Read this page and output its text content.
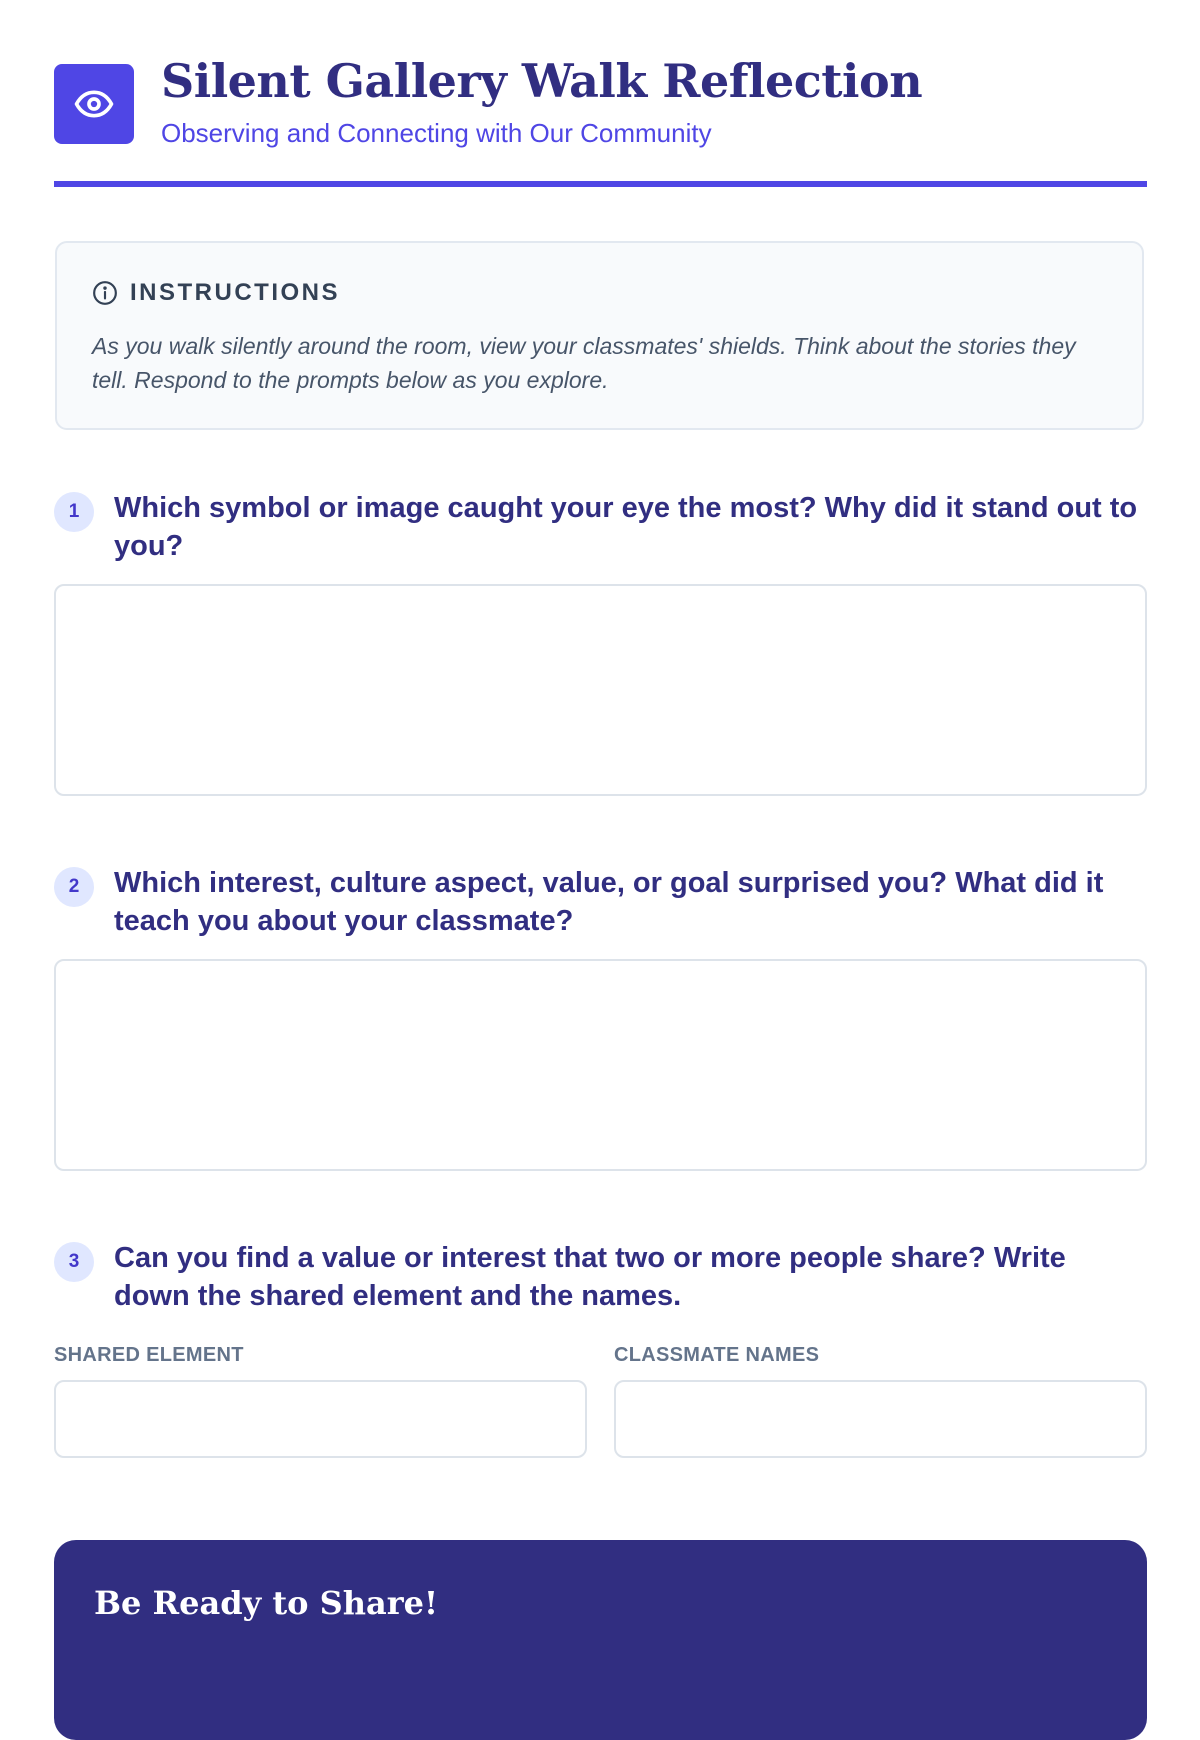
Silent Gallery Walk Reflection
Observing and Connecting with Our Community
INSTRUCTIONS

As you walk silently around the room, view your classmates' shields. Think about the stories they tell. Respond to the prompts below as you explore.

1	Which symbol or image caught your eye the most? Why did it stand out to you?

2	Which interest, culture aspect, value, or goal surprised you? What did it teach you about your classmate?

3	Can you find a value or interest that two or more people share? Write down the shared element and the names.

SHARED ELEMENT	CLASSMATE NAMES
Be Ready to Share!
